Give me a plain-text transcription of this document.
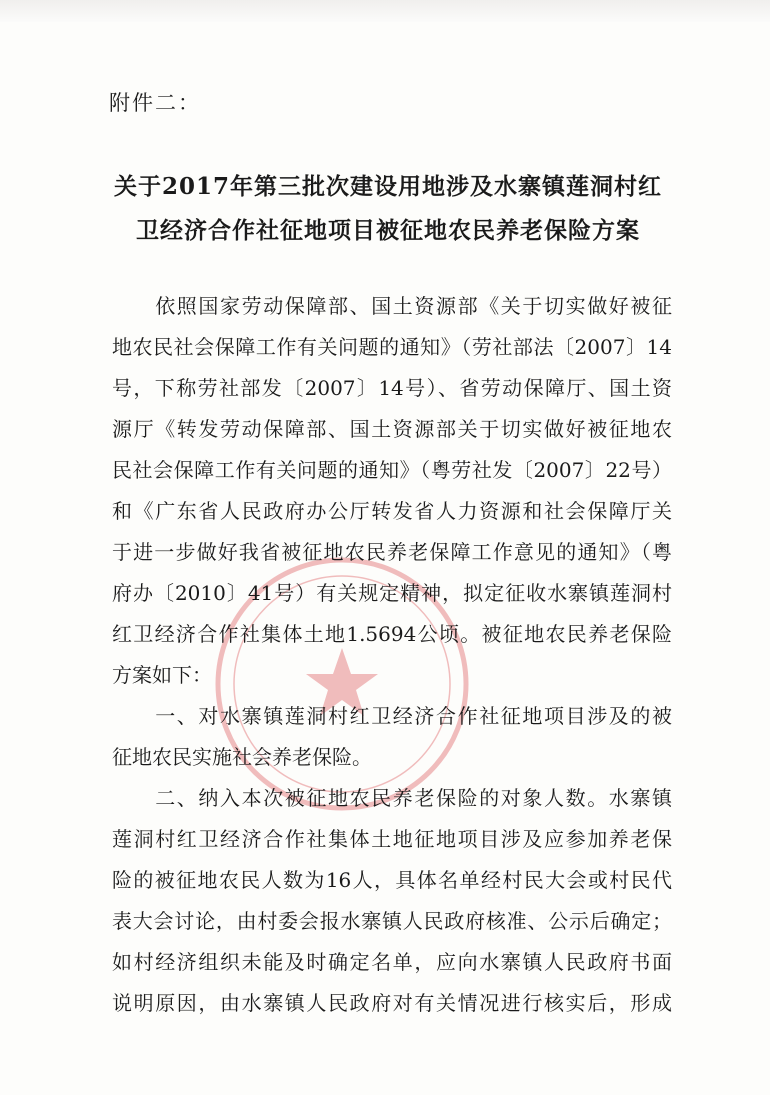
附件二：
关于2017年第三批次建设用地涉及水寨镇莲洞村红
卫经济合作社征地项目被征地农民养老保险方案
　　依照国家劳动保障部、国土资源部《关于切实做好被征
地农民社会保障工作有关问题的通知》（劳社部法〔2007〕14
号，下称劳社部发〔2007〕14号）、省劳动保障厅、国土资
源厅《转发劳动保障部、国土资源部关于切实做好被征地农
民社会保障工作有关问题的通知》（粤劳社发〔2007〕22号）
和《广东省人民政府办公厅转发省人力资源和社会保障厅关
于进一步做好我省被征地农民养老保障工作意见的通知》（粤
府办〔2010〕41号）有关规定精神，拟定征收水寨镇莲洞村
红卫经济合作社集体土地1.5694公顷。被征地农民养老保险
方案如下：
　　一、对水寨镇莲洞村红卫经济合作社征地项目涉及的被
征地农民实施社会养老保险。
　　二、纳入本次被征地农民养老保险的对象人数。水寨镇
莲洞村红卫经济合作社集体土地征地项目涉及应参加养老保
险的被征地农民人数为16人，具体名单经村民大会或村民代
表大会讨论，由村委会报水寨镇人民政府核准、公示后确定；
如村经济组织未能及时确定名单，应向水寨镇人民政府书面
说明原因，由水寨镇人民政府对有关情况进行核实后，形成
